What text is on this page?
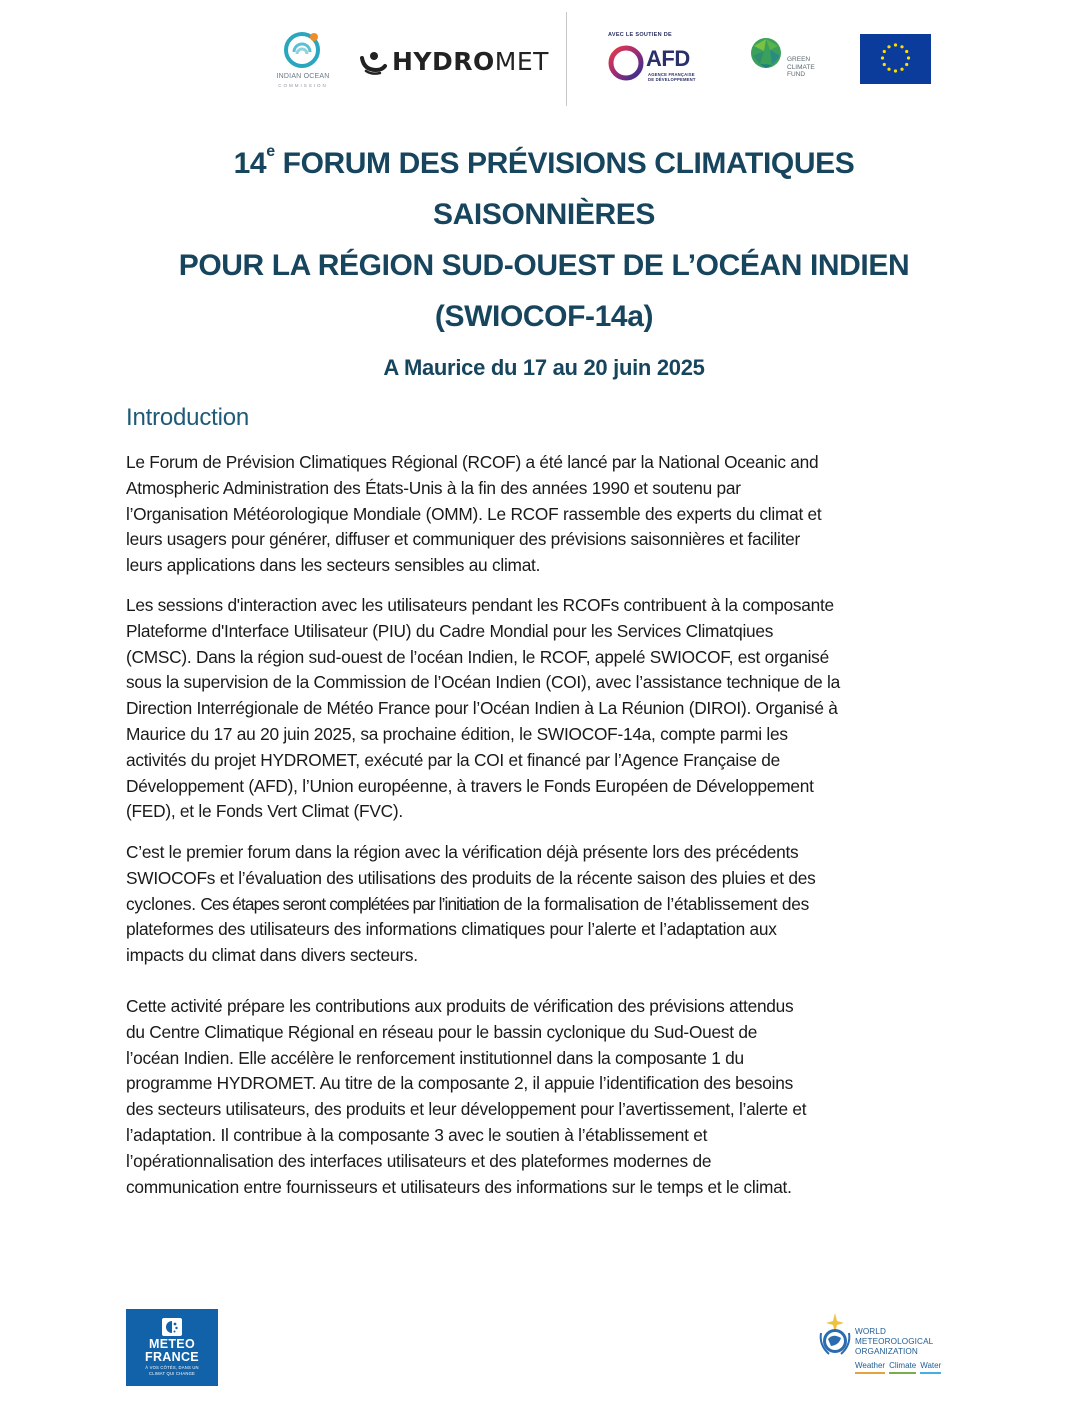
INDIAN OCEAN
COMMISSION
HYDROMET
AVEC LE SOUTIEN DE
AFD
AGENCE FRANÇAISE
DE DÉVELOPPEMENT
GREEN
CLIMATE
FUND
14e FORUM DES PRÉVISIONS CLIMATIQUES
SAISONNIÈRES
POUR LA RÉGION SUD-OUEST DE L’OCÉAN INDIEN
(SWIOCOF-14a)
A Maurice du 17 au 20 juin 2025
Introduction
Le Forum de Prévision Climatiques Régional (RCOF) a été lancé par la National Oceanic and
Atmospheric Administration des États-Unis à la fin des années 1990 et soutenu par
l’Organisation Météorologique Mondiale (OMM). Le RCOF rassemble des experts du climat et
leurs usagers pour générer, diffuser et communiquer des prévisions saisonnières et faciliter
leurs applications dans les secteurs sensibles au climat.
Les sessions d'interaction avec les utilisateurs pendant les RCOFs contribuent à la composante
Plateforme d'Interface Utilisateur (PIU) du Cadre Mondial pour les Services Climatqiues
(CMSC). Dans la région sud-ouest de l’océan Indien, le RCOF, appelé SWIOCOF, est organisé
sous la supervision de la Commission de l’Océan Indien (COI), avec l’assistance technique de la
Direction Interrégionale de Météo France pour l’Océan Indien à La Réunion (DIROI). Organisé à
Maurice du 17 au 20 juin 2025, sa prochaine édition, le SWIOCOF-14a, compte parmi les
activités du projet HYDROMET, exécuté par la COI et financé par l’Agence Française de
Développement (AFD), l’Union européenne, à travers le Fonds Européen de Développement
(FED), et le Fonds Vert Climat (FVC).
C’est le premier forum dans la région avec la vérification déjà présente lors des précédents
SWIOCOFs et l’évaluation des utilisations des produits de la récente saison des pluies et des
cyclones. Ces étapes seront complétées par l’initiation de la formalisation de l’établissement des
plateformes des utilisateurs des informations climatiques pour l’alerte et l’adaptation aux
impacts du climat dans divers secteurs.
Cette activité prépare les contributions aux produits de vérification des prévisions attendus
du Centre Climatique Régional en réseau pour le bassin cyclonique du Sud-Ouest de
l’océan Indien. Elle accélère le renforcement institutionnel dans la composante 1 du
programme HYDROMET. Au titre de la composante 2, il appuie l’identification des besoins
des secteurs utilisateurs, des produits et leur développement pour l’avertissement, l’alerte et
l’adaptation. Il contribue à la composante 3 avec le soutien à l’établissement et
l’opérationnalisation des interfaces utilisateurs et des plateformes modernes de
communication entre fournisseurs et utilisateurs des informations sur le temps et le climat.
METEO
FRANCE
À VOS CÔTÉS, DANS UN
CLIMAT QUI CHANGE
WORLD
METEOROLOGICAL
ORGANIZATION
Weather Climate Water
